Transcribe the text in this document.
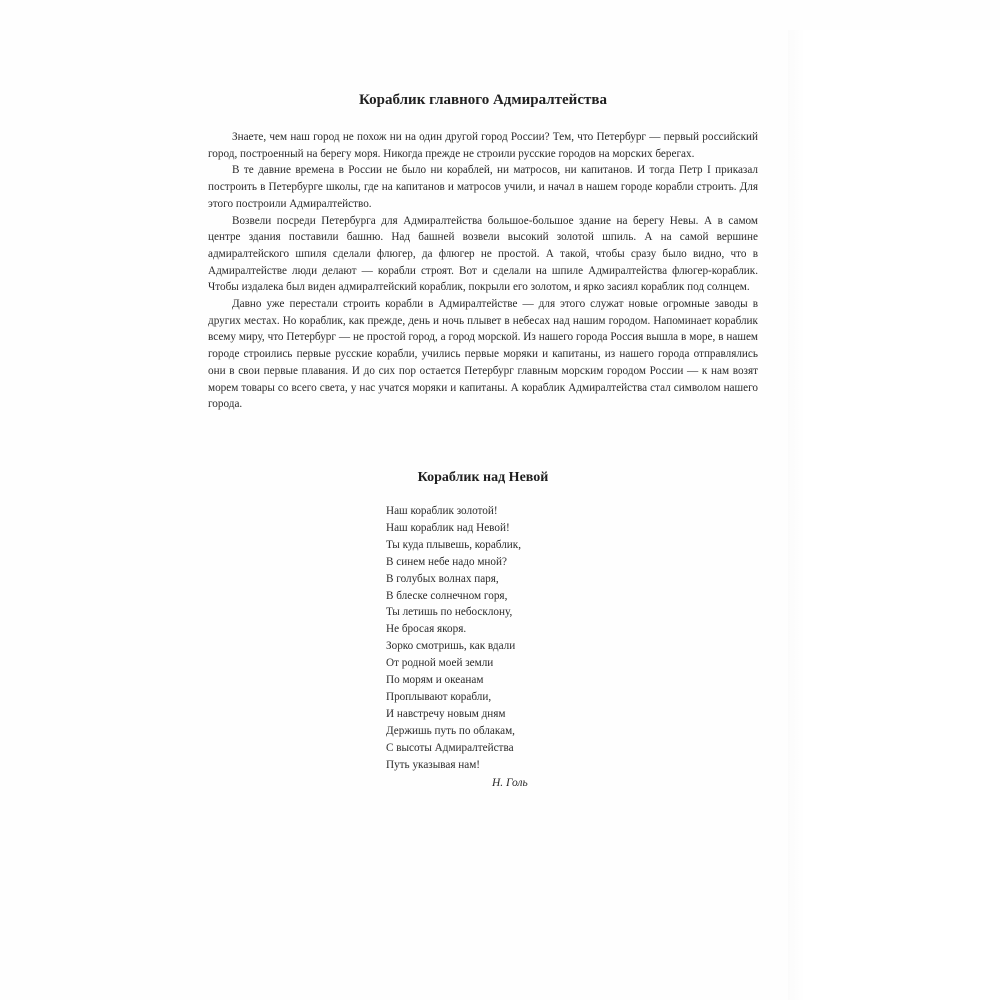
Кораблик главного Адмиралтейства

Знаете, чем наш город не похож ни на один другой город России? Тем, что Петербург — первый российский город, построенный на берегу моря. Никогда прежде не строили русские городов на морских берегах.

В те давние времена в России не было ни кораблей, ни матросов, ни капитанов. И тогда Петр I приказал построить в Петербурге школы, где на капитанов и матросов учили, и начал в нашем городе корабли строить. Для этого построили Адмиралтейство.

Возвели посреди Петербурга для Адмиралтейства большое-большое здание на берегу Невы. А в самом центре здания поставили башню. Над башней возвели высокий золотой шпиль. А на самой вершине адмиралтейского шпиля сделали флюгер, да флюгер не простой. А такой, чтобы сразу было видно, что в Адмиралтействе люди делают — корабли строят. Вот и сделали на шпиле Адмиралтейства флюгер-кораблик. Чтобы издалека был виден адмиралтейский кораблик, покрыли его золотом, и ярко засиял кораблик под солнцем.

Давно уже перестали строить корабли в Адмиралтействе — для этого служат новые огромные заводы в других местах. Но кораблик, как прежде, день и ночь плывет в небесах над нашим городом. Напоминает кораблик всему миру, что Петербург — не простой город, а город морской. Из нашего города Россия вышла в море, в нашем городе строились первые русские корабли, учились первые моряки и капитаны, из нашего города отправлялись они в свои первые плавания. И до сих пор остается Петербург главным морским городом России — к нам возят морем товары со всего света, у нас учатся моряки и капитаны. А кораблик Адмиралтейства стал символом нашего города.

Кораблик над Невой
Наш кораблик золотой!
Наш кораблик над Невой!
Ты куда плывешь, кораблик,
В синем небе надо мной?
В голубых волнах паря,
В блеске солнечном горя,
Ты летишь по небосклону,
Не бросая якоря.
Зорко смотришь, как вдали
От родной моей земли
По морям и океанам
Проплывают корабли,
И навстречу новым дням
Держишь путь по облакам,
С высоты Адмиралтейства
Путь указывая нам!
Н. Голь
